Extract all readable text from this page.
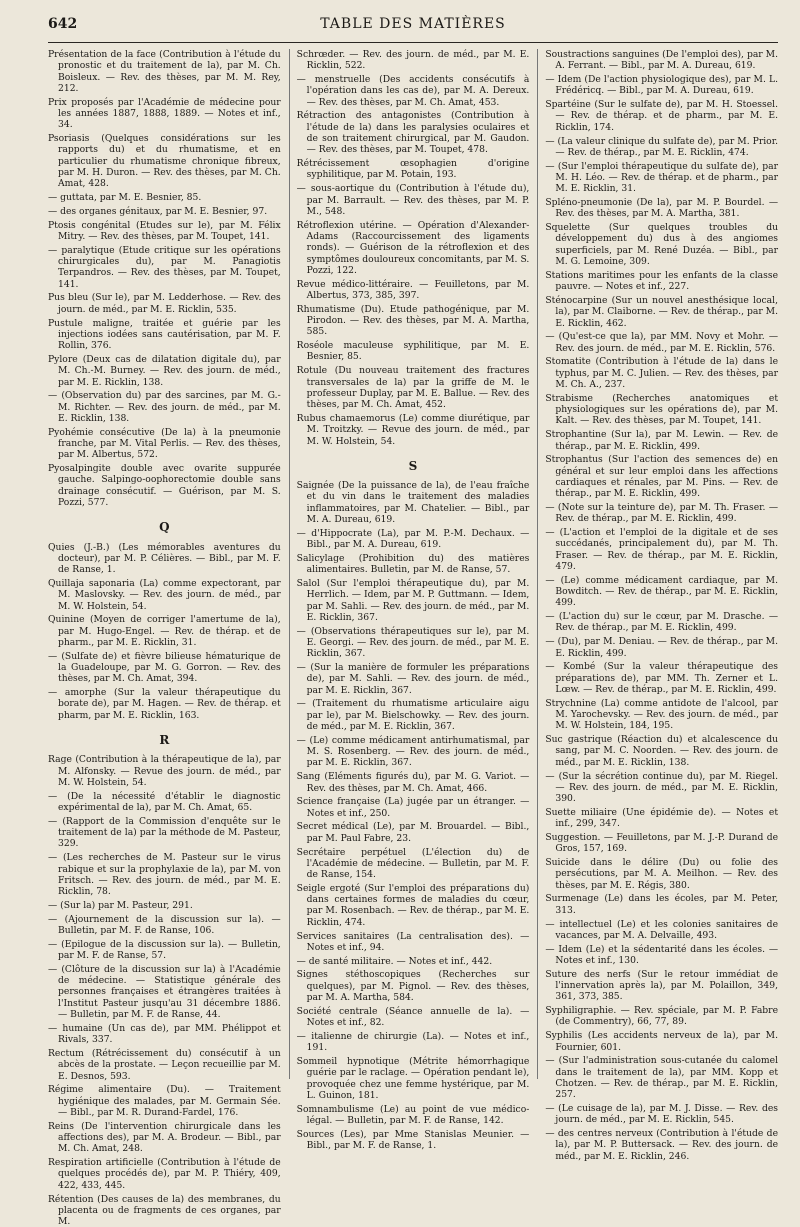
642	TABLE DES MATIÈRES
Présentation de la face (Contribution à l'étude du pronostic et du traitement de la), par M. Ch. Boisleux. — Rev. des thèses, par M. M. Rey, 212.
Prix proposés par l'Académie de médecine pour les années 1887, 1888, 1889. — Notes et inf., 34.
Psoriasis (Quelques considérations sur les rapports du) et du rhumatisme, et en particulier du rhumatisme chronique fibreux, par M. H. Duron. — Rev. des thèses, par M. Ch. Amat, 428.
— guttata, par M. E. Besnier, 85.
— des organes génitaux, par M. E. Besnier, 97.
Ptosis congénital (Etudes sur le), par M. Félix Mitry. — Rev. des thèses, par M. Toupet, 141.
— paralytique (Etude critique sur les opérations chirurgicales du), par M. Panagiotis Terpandros. — Rev. des thèses, par M. Toupet, 141.
Pus bleu (Sur le), par M. Ledderhose. — Rev. des journ. de méd., par M. E. Ricklin, 535.
Pustule maligne, traitée et guérie par les injections iodées sans cautérisation, par M. F. Rollin, 376.
Pylore (Deux cas de dilatation digitale du), par M. Ch.-M. Burney. — Rev. des journ. de méd., par M. E. Ricklin, 138.
— (Observation du) par des sarcines, par M. G.-M. Richter. — Rev. des journ. de méd., par M. E. Ricklin, 138.
Pyohémie consécutive (De la) à la pneumonie franche, par M. Vital Perlis. — Rev. des thèses, par M. Albertus, 572.
Pyosalpingite double avec ovarite suppurée gauche. Salpingo-oophorectomie double sans drainage consécutif. — Guérison, par M. S. Pozzi, 577.
Q
Quies (J.-B.) (Les mémorables aventures du docteur), par M. P. Célières. — Bibl., par M. F. de Ranse, 1.
Quillaja saponaria (La) comme expectorant, par M. Maslovsky. — Rev. des journ. de méd., par M. W. Holstein, 54.
Quinine (Moyen de corriger l'amertume de la), par M. Hugo-Engel. — Rev. de thérap. et de pharm., par M. E. Ricklin, 31.
— (Sulfate de) et fièvre bilieuse hématurique de la Guadeloupe, par M. G. Gorron. — Rev. des thèses, par M. Ch. Amat, 394.
— amorphe (Sur la valeur thérapeutique du borate de), par M. Hagen. — Rev. de thérap. et pharm, par M. E. Ricklin, 163.
R
Rage (Contribution à la thérapeutique de la), par M. Alfonsky. — Revue des journ. de méd., par M. W. Holstein, 54.
— (De la nécessité d'établir le diagnostic expérimental de la), par M. Ch. Amat, 65.
— (Rapport de la Commission d'enquête sur le traitement de la) par la méthode de M. Pasteur, 329.
— (Les recherches de M. Pasteur sur le virus rabique et sur la prophylaxie de la), par M. von Fritsch. — Rev. des journ. de méd., par M. E. Ricklin, 78.
— (Sur la) par M. Pasteur, 291.
— (Ajournement de la discussion sur la). — Bulletin, par M. F. de Ranse, 106.
— (Epilogue de la discussion sur la). — Bulletin, par M. F. de Ranse, 57.
— (Clôture de la discussion sur la) à l'Académie de médecine. — Statistique générale des personnes françaises et étrangères traitées à l'Institut Pasteur jusqu'au 31 décembre 1886. — Bulletin, par M. F. de Ranse, 44.
— humaine (Un cas de), par MM. Phélippot et Rivals, 337.
Rectum (Rétrécissement du) consécutif à un abcès de la prostate. — Leçon recueillie par M. E. Desnos, 593.
Régime alimentaire (Du). — Traitement hygiénique des malades, par M. Germain Sée. — Bibl., par M. R. Durand-Fardel, 176.
Reins (De l'intervention chirurgicale dans les affections des), par M. A. Brodeur. — Bibl., par M. Ch. Amat, 248.
Respiration artificielle (Contribution à l'étude de quelques procédés de), par M. P. Thiéry, 409, 422, 433, 445.
Rétention (Des causes de la) des membranes, du placenta ou de fragments de ces organes, par M.
Schrœder. — Rev. des journ. de méd., par M. E. Ricklin, 522.
— menstruelle (Des accidents consécutifs à l'opération dans les cas de), par M. A. Dereux. — Rev. des thèses, par M. Ch. Amat, 453.
Rétraction des antagonistes (Contribution à l'étude de la) dans les paralysies oculaires et de son traitement chirurgical, par M. Gaudon. — Rev. des thèses, par M. Toupet, 478.
Rétrécissement œsophagien d'origine syphilitique, par M. Potain, 193.
— sous-aortique du (Contribution à l'étude du), par M. Barrault. — Rev. des thèses, par M. P. M., 548.
Rétroflexion utérine. — Opération d'Alexander-Adams (Raccourcissement des ligaments ronds). — Guérison de la rétroflexion et des symptômes douloureux concomitants, par M. S. Pozzi, 122.
Revue médico-littéraire. — Feuilletons, par M. Albertus, 373, 385, 397.
Rhumatisme (Du). Etude pathogénique, par M. Pirodon. — Rev. des thèses, par M. A. Martha, 585.
Roséole maculeuse syphilitique, par M. E. Besnier, 85.
Rotule (Du nouveau traitement des fractures transversales de la) par la griffe de M. le professeur Duplay, par M. E. Ballue. — Rev. des thèses, par M. Ch. Amat, 452.
Rubus chamaemorus (Le) comme diurétique, par M. Troitzky. — Revue des journ. de méd., par M. W. Holstein, 54.
S
Saignée (De la puissance de la), de l'eau fraîche et du vin dans le traitement des maladies inflammatoires, par M. Chatelier. — Bibl., par M. A. Dureau, 619.
— d'Hippocrate (La), par M. P.-M. Dechaux. — Bibl., par M. A. Dureau, 619.
Salicylage (Prohibition du) des matières alimentaires. Bulletin, par M. de Ranse, 57.
Salol (Sur l'emploi thérapeutique du), par M. Herrlich. — Idem, par M. P. Guttmann. — Idem, par M. Sahli. — Rev. des journ. de méd., par M. E. Ricklin, 367.
— (Observations thérapeutiques sur le), par M. E. Georgi. — Rev. des journ. de méd., par M. E. Ricklin, 367.
— (Sur la manière de formuler les préparations de), par M. Sahli. — Rev. des journ. de méd., par M. E. Ricklin, 367.
— (Traitement du rhumatisme articulaire aigu par le), par M. Bielschowky. — Rev. des journ. de méd., par M. E. Ricklin, 367.
— (Le) comme médicament antirhumatismal, par M. S. Rosenberg. — Rev. des journ. de méd., par M. E. Ricklin, 367.
Sang (Eléments figurés du), par M. G. Variot. — Rev. des thèses, par M. Ch. Amat, 466.
Science française (La) jugée par un étranger. — Notes et inf., 250.
Secret médical (Le), par M. Brouardel. — Bibl., par M. Paul Fabre, 23.
Secrétaire perpétuel (L'élection du) de l'Académie de médecine. — Bulletin, par M. F. de Ranse, 154.
Seigle ergoté (Sur l'emploi des préparations du) dans certaines formes de maladies du cœur, par M. Rosenbach. — Rev. de thérap., par M. E. Ricklin, 474.
Services sanitaires (La centralisation des). — Notes et inf., 94.
— de santé militaire. — Notes et inf., 442.
Signes stéthoscopiques (Recherches sur quelques), par M. Pignol. — Rev. des thèses, par M. A. Martha, 584.
Société centrale (Séance annuelle de la). — Notes et inf., 82.
— italienne de chirurgie (La). — Notes et inf., 191.
Sommeil hypnotique (Métrite hémorrhagique guérie par le raclage. — Opération pendant le), provoquée chez une femme hystérique, par M. L. Guinon, 181.
Somnambulisme (Le) au point de vue médico-légal. — Bulletin, par M. F. de Ranse, 142.
Sources (Les), par Mme Stanislas Meunier. — Bibl., par M. F. de Ranse, 1.
Soustractions sanguines (De l'emploi des), par M. A. Ferrant. — Bibl., par M. A. Dureau, 619.
— Idem (De l'action physiologique des), par M. L. Frédéricq. — Bibl., par M. A. Dureau, 619.
Spartéine (Sur le sulfate de), par M. H. Stoessel. — Rev. de thérap. et de pharm., par M. E. Ricklin, 174.
— (La valeur clinique du sulfate de), par M. Prior. — Rev. de thérap., par M. E. Ricklin, 474.
— (Sur l'emploi thérapeutique du sulfate de), par M. H. Léo. — Rev. de thérap. et de pharm., par M. E. Ricklin, 31.
Spléno-pneumonie (De la), par M. P. Bourdel. — Rev. des thèses, par M. A. Martha, 381.
Squelette (Sur quelques troubles du développement du) dus à des angiomes superficiels, par M. René Duzéa. — Bibl., par M. G. Lemoine, 309.
Stations maritimes pour les enfants de la classe pauvre. — Notes et inf., 227.
Sténocarpine (Sur un nouvel anesthésique local, la), par M. Claiborne. — Rev. de thérap., par M. E. Ricklin, 462.
— (Qu'est-ce que la), par MM. Novy et Mohr. — Rev. des journ. de méd., par M. E. Ricklin, 576.
Stomatite (Contribution à l'étude de la) dans le typhus, par M. C. Julien. — Rev. des thèses, par M. Ch. A., 237.
Strabisme (Recherches anatomiques et physiologiques sur les opérations de), par M. Kalt. — Rev. des thèses, par M. Toupet, 141.
Strophantine (Sur la), par M. Lewin. — Rev. de thérap., par M. E. Ricklin, 499.
Strophantus (Sur l'action des semences de) en général et sur leur emploi dans les affections cardiaques et rénales, par M. Pins. — Rev. de thérap., par M. E. Ricklin, 499.
— (Note sur la teinture de), par M. Th. Fraser. — Rev. de thérap., par M. E. Ricklin, 499.
— (L'action et l'emploi de la digitale et de ses succédanés, principalement du), par M. Th. Fraser. — Rev. de thérap., par M. E. Ricklin, 479.
— (Le) comme médicament cardiaque, par M. Bowditch. — Rev. de thérap., par M. E. Ricklin, 499.
— (L'action du) sur le cœur, par M. Drasche. — Rev. de thérap., par M. E. Ricklin, 499.
— (Du), par M. Deniau. — Rev. de thérap., par M. E. Ricklin, 499.
— Kombé (Sur la valeur thérapeutique des préparations de), par MM. Th. Zerner et L. Lœw. — Rev. de thérap., par M. E. Ricklin, 499.
Strychnine (La) comme antidote de l'alcool, par M. Yarochevsky. — Rev. des journ. de méd., par M. W. Holstein, 184, 195.
Suc gastrique (Réaction du) et alcalescence du sang, par M. C. Noorden. — Rev. des journ. de méd., par M. E. Ricklin, 138.
— (Sur la sécrétion continue du), par M. Riegel. — Rev. des journ. de méd., par M. E. Ricklin, 390.
Suette miliaire (Une épidémie de). — Notes et inf., 299, 347.
Suggestion. — Feuilletons, par M. J.-P. Durand de Gros, 157, 169.
Suicide dans le délire (Du) ou folie des persécutions, par M. A. Meilhon. — Rev. des thèses, par M. E. Régis, 380.
Surmenage (Le) dans les écoles, par M. Peter, 313.
— intellectuel (Le) et les colonies sanitaires de vacances, par M. A. Delvaille, 493.
— Idem (Le) et la sédentarité dans les écoles. — Notes et inf., 130.
Suture des nerfs (Sur le retour immédiat de l'innervation après la), par M. Polaillon, 349, 361, 373, 385.
Syphiligraphie. — Rev. spéciale, par M. P. Fabre (de Commentry), 66, 77, 89.
Syphilis (Les accidents nerveux de la), par M. Fournier, 601.
— (Sur l'administration sous-cutanée du calomel dans le traitement de la), par MM. Kopp et Chotzen. — Rev. de thérap., par M. E. Ricklin, 257.
— (Le cuisage de la), par M. J. Disse. — Rev. des journ. de méd., par M. E. Ricklin, 545.
— des centres nerveux (Contribution à l'étude de la), par M. P. Buttersack. — Rev. des journ. de méd., par M. E. Ricklin, 246.
